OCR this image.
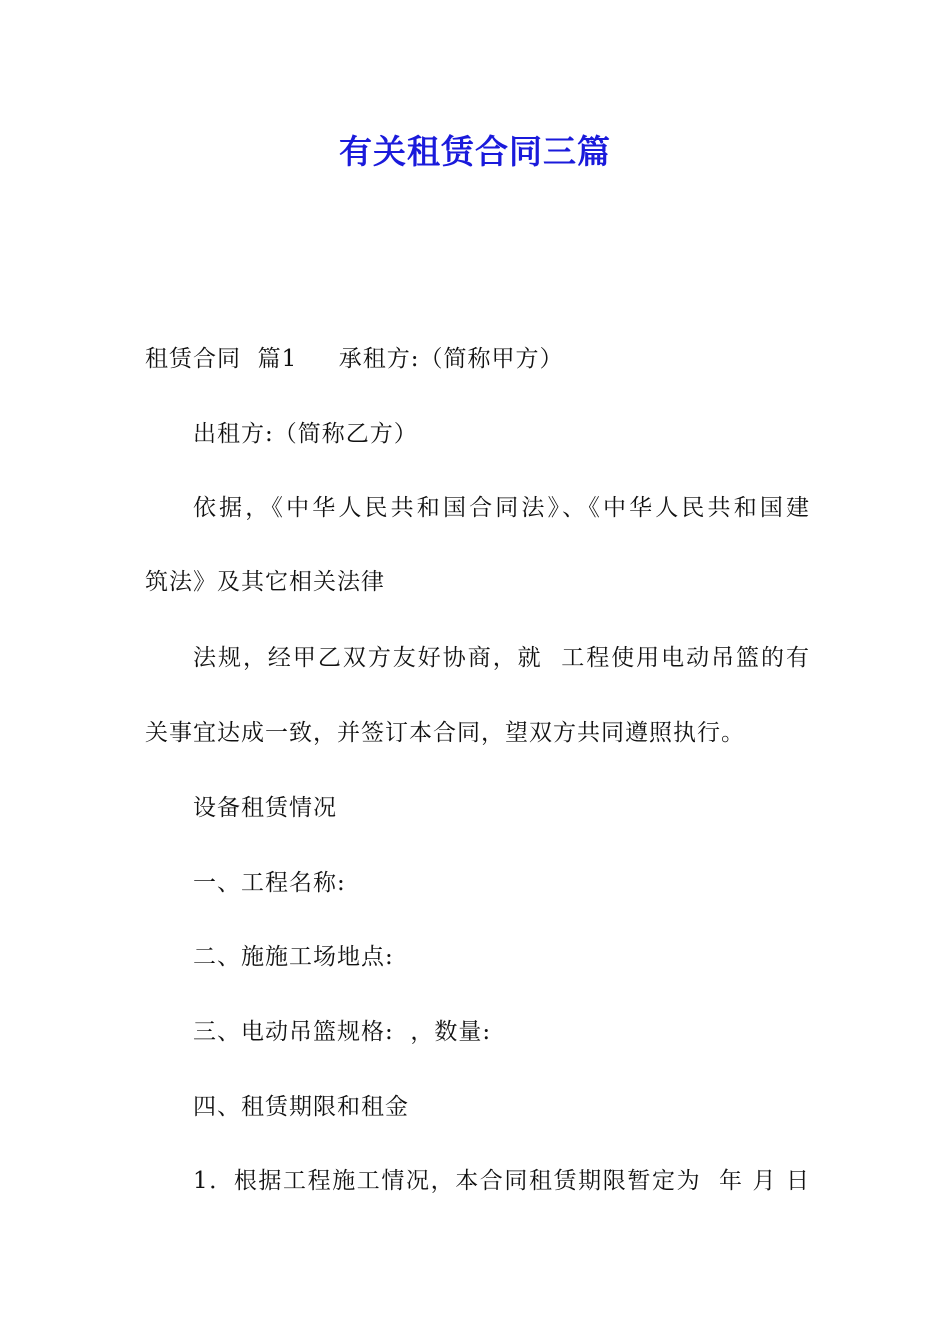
有关租赁合同三篇
租赁合同  篇1     承租方:（简称甲方）
出租方:（简称乙方）
依据，《中华人民共和国合同法》、《中华人民共和国建
筑法》及其它相关法律
法规，经甲乙双方友好协商，就  工程使用电动吊篮的有
关事宜达成一致，并签订本合同，望双方共同遵照执行。
设备租赁情况
一、工程名称:
二、施施工场地点:
三、电动吊篮规格:  ，数量:
四、租赁期限和租金
1．根据工程施工情况，本合同租赁期限暂定为  年 月 日
